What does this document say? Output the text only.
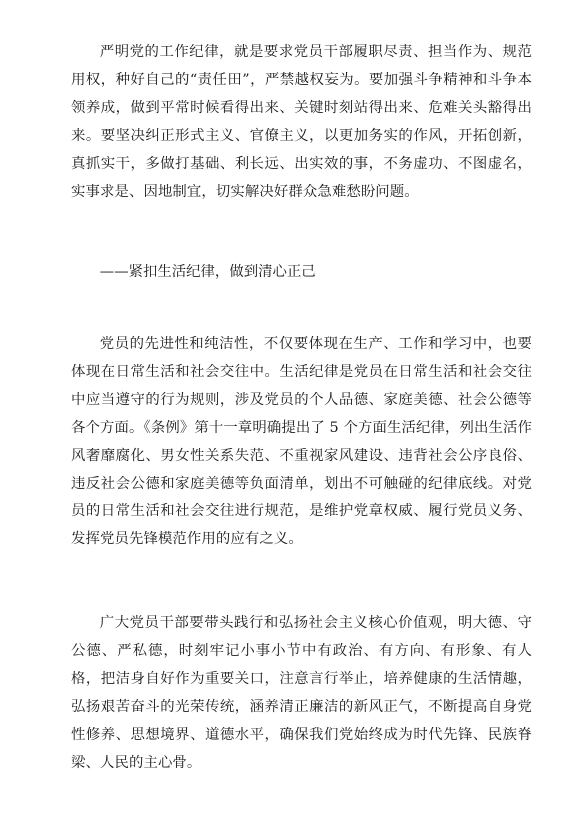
严明党的工作纪律，就是要求党员干部履职尽责、担当作为、规范用权，种好自己的“责任田”，严禁越权妄为。要加强斗争精神和斗争本领养成，做到平常时候看得出来、关键时刻站得出来、危难关头豁得出来。要坚决纠正形式主义、官僚主义，以更加务实的作风，开拓创新，真抓实干，多做打基础、利长远、出实效的事，不务虚功、不图虚名，实事求是、因地制宜，切实解决好群众急难愁盼问题。

——紧扣生活纪律，做到清心正己

党员的先进性和纯洁性，不仅要体现在生产、工作和学习中，也要体现在日常生活和社会交往中。生活纪律是党员在日常生活和社会交往中应当遵守的行为规则，涉及党员的个人品德、家庭美德、社会公德等各个方面。《条例》第十一章明确提出了 5 个方面生活纪律，列出生活作风奢靡腐化、男女性关系失范、不重视家风建设、违背社会公序良俗、违反社会公德和家庭美德等负面清单，划出不可触碰的纪律底线。对党员的日常生活和社会交往进行规范，是维护党章权威、履行党员义务、发挥党员先锋模范作用的应有之义。

广大党员干部要带头践行和弘扬社会主义核心价值观，明大德、守公德、严私德，时刻牢记小事小节中有政治、有方向、有形象、有人格，把洁身自好作为重要关口，注意言行举止，培养健康的生活情趣，弘扬艰苦奋斗的光荣传统，涵养清正廉洁的新风正气，不断提高自身党性修养、思想境界、道德水平，确保我们党始终成为时代先锋、民族脊梁、人民的主心骨。
